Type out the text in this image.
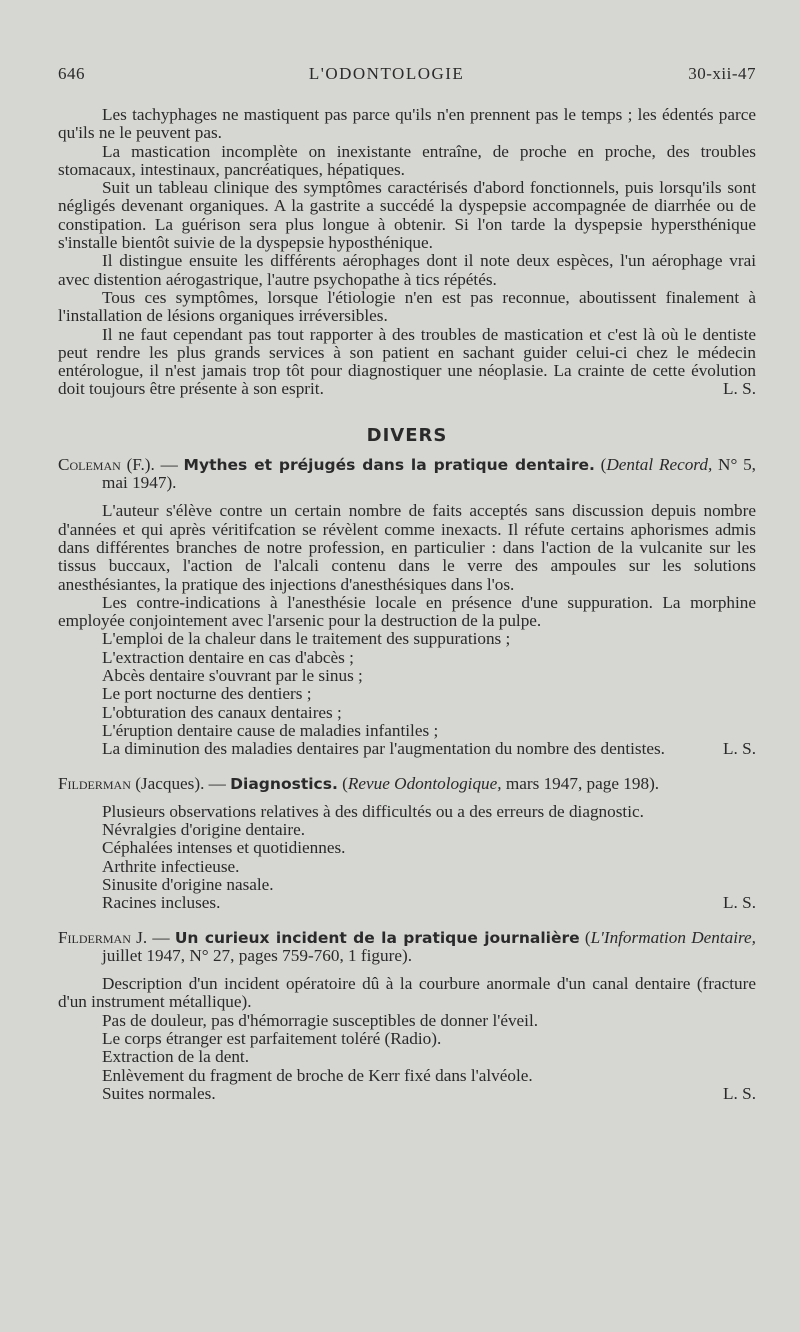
646	L'ODONTOLOGIE	30-xii-47

Les tachyphages ne mastiquent pas parce qu'ils n'en prennent pas le temps ; les édentés parce qu'ils ne le peuvent pas.

La mastication incomplète on inexistante entraîne, de proche en proche, des troubles stomacaux, intestinaux, pancréatiques, hépatiques.

Suit un tableau clinique des symptômes caractérisés d'abord fonctionnels, puis lorsqu'ils sont négligés devenant organiques. A la gastrite a succédé la dyspepsie accompagnée de diarrhée ou de constipation. La guérison sera plus longue à obtenir. Si l'on tarde la dyspepsie hypersthénique s'installe bientôt suivie de la dyspepsie hyposthénique.

Il distingue ensuite les différents aérophages dont il note deux espèces, l'un aérophage vrai avec distention aérogastrique, l'autre psychopathe à tics répétés.

Tous ces symptômes, lorsque l'étiologie n'en est pas reconnue, aboutissent finalement à l'installation de lésions organiques irréversibles.

Il ne faut cependant pas tout rapporter à des troubles de mastication et c'est là où le dentiste peut rendre les plus grands services à son patient en sachant guider celui-ci chez le médecin entérologue, il n'est jamais trop tôt pour diagnostiquer une néoplasie. La crainte de cette évolution doit toujours être présente à son esprit.	L. S.

DIVERS

Coleman (F.). — Mythes et préjugés dans la pratique dentaire. (Dental Record, N° 5, mai 1947).

L'auteur s'élève contre un certain nombre de faits acceptés sans discussion depuis nombre d'années et qui après véritifcation se révèlent comme inexacts. Il réfute certains aphorismes admis dans différentes branches de notre profession, en particulier : dans l'action de la vulcanite sur les tissus buccaux, l'action de l'alcali contenu dans le verre des ampoules sur les solutions anesthésiantes, la pratique des injections d'anesthésiques dans l'os.

Les contre-indications à l'anesthésie locale en présence d'une suppuration. La morphine employée conjointement avec l'arsenic pour la destruction de la pulpe.

L'emploi de la chaleur dans le traitement des suppurations ;

L'extraction dentaire en cas d'abcès ;

Abcès dentaire s'ouvrant par le sinus ;

Le port nocturne des dentiers ;

L'obturation des canaux dentaires ;

L'éruption dentaire cause de maladies infantiles ;

La diminution des maladies dentaires par l'augmentation du nombre des dentistes.	L. S.

Filderman (Jacques). — Diagnostics. (Revue Odontologique, mars 1947, page 198).

Plusieurs observations relatives à des difficultés ou a des erreurs de diagnostic.

Névralgies d'origine dentaire.

Céphalées intenses et quotidiennes.

Arthrite infectieuse.

Sinusite d'origine nasale.

Racines incluses.	L. S.

Filderman J. — Un curieux incident de la pratique journalière (L'Information Dentaire, juillet 1947, N° 27, pages 759-760, 1 figure).

Description d'un incident opératoire dû à la courbure anormale d'un canal dentaire (fracture d'un instrument métallique).

Pas de douleur, pas d'hémorragie susceptibles de donner l'éveil.

Le corps étranger est parfaitement toléré (Radio).

Extraction de la dent.

Enlèvement du fragment de broche de Kerr fixé dans l'alvéole.

Suites normales.	L. S.
